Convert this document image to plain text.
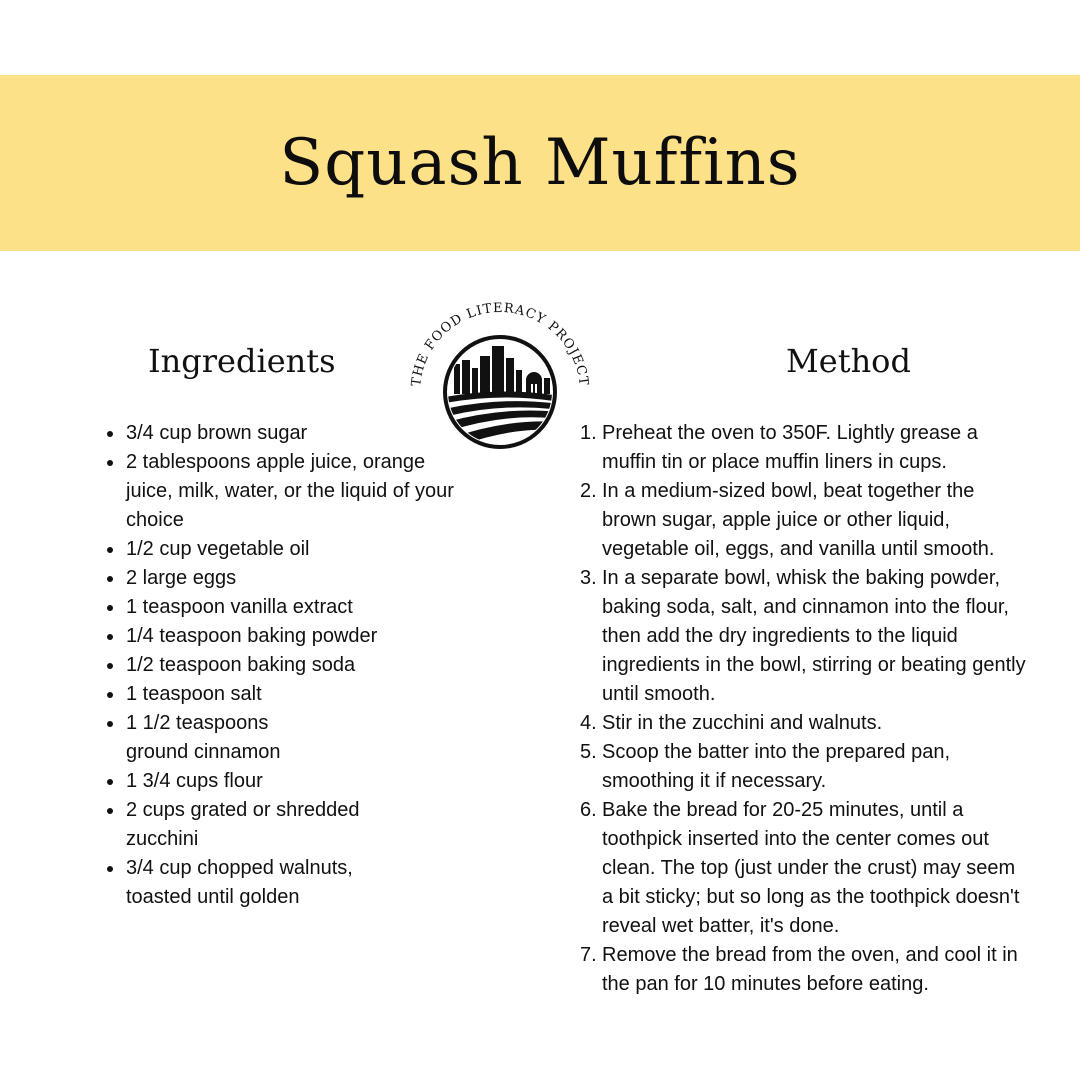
Squash Muffins
Ingredients
THE FOOD LITERACY PROJECT
Method
3/4 cup brown sugar
2 tablespoons apple juice, orange juice, milk, water, or the liquid of your choice
1/2 cup vegetable oil
2 large eggs
1 teaspoon vanilla extract
1/4 teaspoon baking powder
1/2 teaspoon baking soda
1 teaspoon salt
1 1/2 teaspoons ground cinnamon
1 3/4 cups flour
2 cups grated or shredded zucchini
3/4 cup chopped walnuts, toasted until golden
1. Preheat the oven to 350F. Lightly grease a muffin tin or place muffin liners in cups.
2. In a medium-sized bowl, beat together the brown sugar, apple juice or other liquid, vegetable oil, eggs, and vanilla until smooth.
3. In a separate bowl, whisk the baking powder, baking soda, salt, and cinnamon into the flour, then add the dry ingredients to the liquid ingredients in the bowl, stirring or beating gently until smooth.
4. Stir in the zucchini and walnuts.
5. Scoop the batter into the prepared pan, smoothing it if necessary.
6. Bake the bread for 20-25 minutes, until a toothpick inserted into the center comes out clean. The top (just under the crust) may seem a bit sticky; but so long as the toothpick doesn't reveal wet batter, it's done.
7. Remove the bread from the oven, and cool it in the pan for 10 minutes before eating.
